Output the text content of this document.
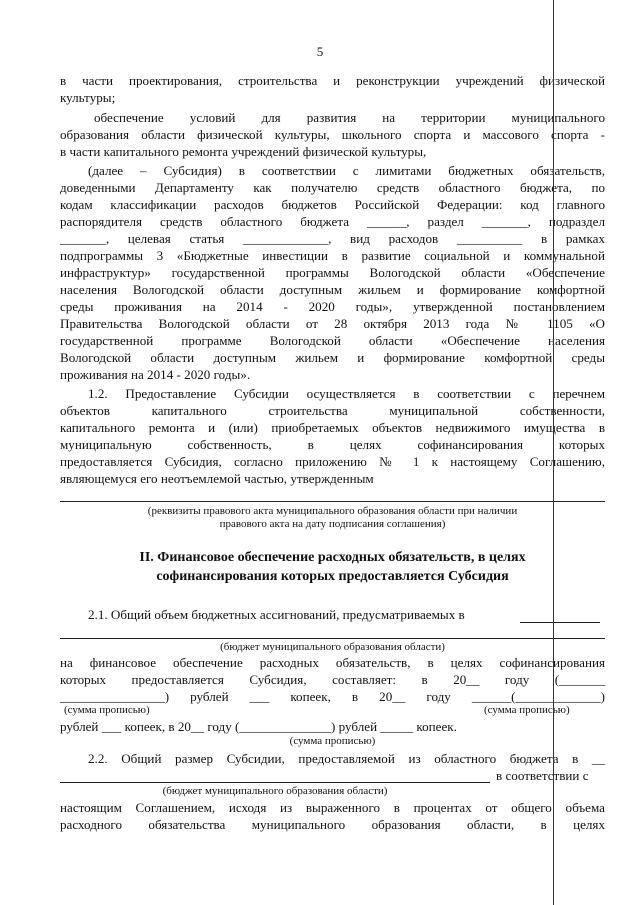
5
в части проектирования, строительства и реконструкции учреждений физической
культуры;
обеспечение условий для развития на территории муниципального
образования области физической культуры, школьного спорта и массового спорта -
в части капитального ремонта учреждений физической культуры,
(далее – Субсидия) в соответствии с лимитами бюджетных обязательств,
доведенными Департаменту как получателю средств областного бюджета, по
кодам классификации расходов бюджетов Российской Федерации: код главного
распорядителя средств областного бюджета ______, раздел _______, подраздел
_______, целевая статья _____________, вид расходов __________ в рамках
подпрограммы 3 «Бюджетные инвестиции в развитие социальной и коммунальной
инфраструктур» государственной программы Вологодской области «Обеспечение
населения Вологодской области доступным жильем и формирование комфортной
среды проживания на 2014 - 2020 годы», утвержденной постановлением
Правительства Вологодской области от 28 октября 2013 года № 1105 «О
государственной программе Вологодской области «Обеспечение населения
Вологодской области доступным жильем и формирование комфортной среды
проживания на 2014 - 2020 годы».
1.2. Предоставление Субсидии осуществляется в соответствии с перечнем
объектов капитального строительства муниципальной собственности,
капитального ремонта и (или) приобретаемых объектов недвижимого имущества в
муниципальную собственность, в целях софинансирования которых
предоставляется Субсидия, согласно приложению № 1 к настоящему Соглашению,
являющемуся его неотъемлемой частью, утвержденным
(реквизиты правового акта муниципального образования области при наличии
правового акта на дату подписания соглашения)
II. Финансовое обеспечение расходных обязательств, в целях
софинансирования которых предоставляется Субсидия
2.1. Общий объем бюджетных ассигнований, предусматриваемых в
(бюджет муниципального образования области)
на финансовое обеспечение расходных обязательств, в целях софинансирования
которых предоставляется Субсидия, составляет: в 20__ году (_______
________________) рублей ___ копеек, в 20__ году ______(_____________)
(сумма прописью)	(сумма прописью)
рублей ___ копеек, в 20__ году (______________) рублей _____ копеек.
(сумма прописью)
2.2. Общий размер Субсидии, предоставляемой из областного бюджета в __
в соответствии с
(бюджет муниципального образования области)
настоящим Соглашением, исходя из выраженного в процентах от общего объема
расходного обязательства муниципального образования области, в целях
